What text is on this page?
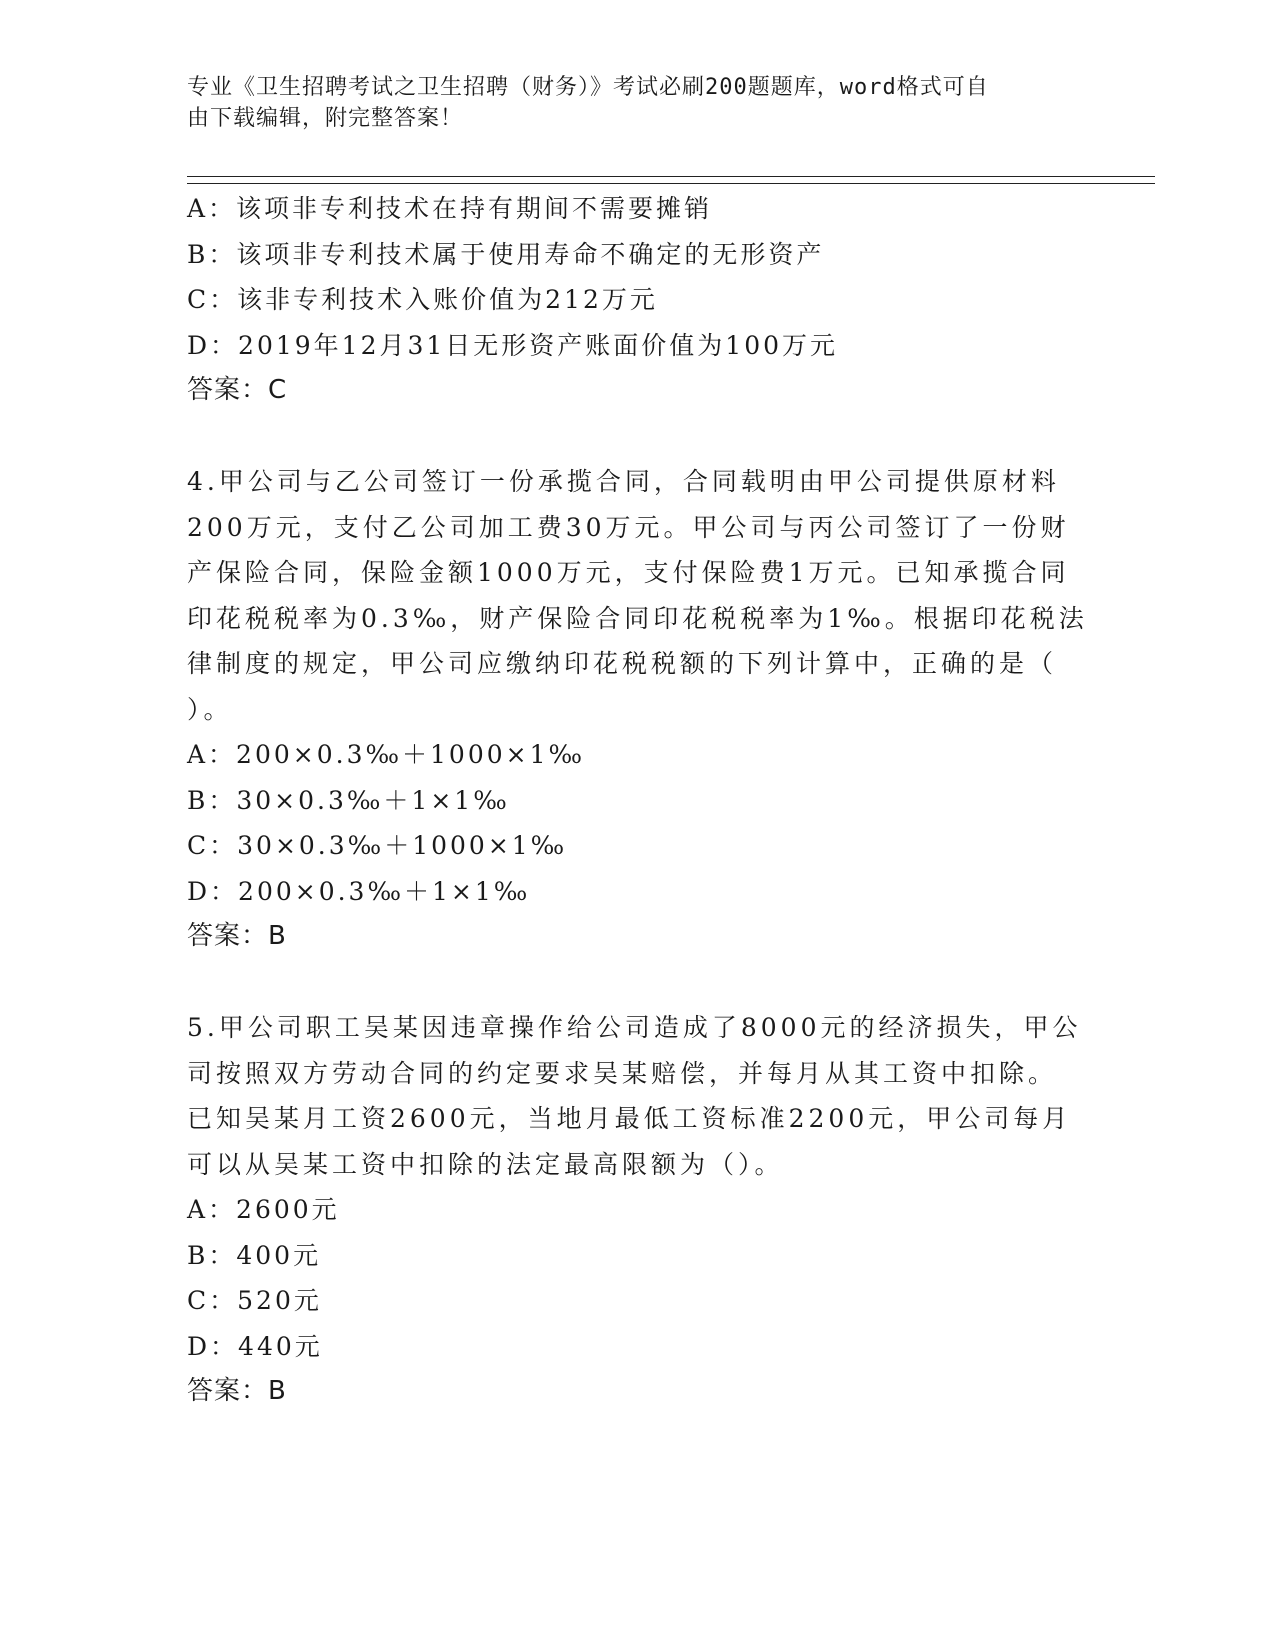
专业《卫生招聘考试之卫生招聘（财务）》考试必刷200题题库，word格式可自
由下载编辑，附完整答案！
A：该项非专利技术在持有期间不需要摊销
B：该项非专利技术属于使用寿命不确定的无形资产
C：该非专利技术入账价值为212万元
D：2019年12月31日无形资产账面价值为100万元
答案：C
4.甲公司与乙公司签订一份承揽合同，合同载明由甲公司提供原材料
200万元，支付乙公司加工费30万元。甲公司与丙公司签订了一份财
产保险合同，保险金额1000万元，支付保险费1万元。已知承揽合同
印花税税率为0.3‰，财产保险合同印花税税率为1‰。根据印花税法
律制度的规定，甲公司应缴纳印花税税额的下列计算中，正确的是（
）。
A：200×0.3‰＋1000×1‰
B：30×0.3‰＋1×1‰
C：30×0.3‰＋1000×1‰
D：200×0.3‰＋1×1‰
答案：B
5.甲公司职工吴某因违章操作给公司造成了8000元的经济损失，甲公
司按照双方劳动合同的约定要求吴某赔偿，并每月从其工资中扣除。
已知吴某月工资2600元，当地月最低工资标准2200元，甲公司每月
可以从吴某工资中扣除的法定最高限额为（）。
A：2600元
B：400元
C：520元
D：440元
答案：B
